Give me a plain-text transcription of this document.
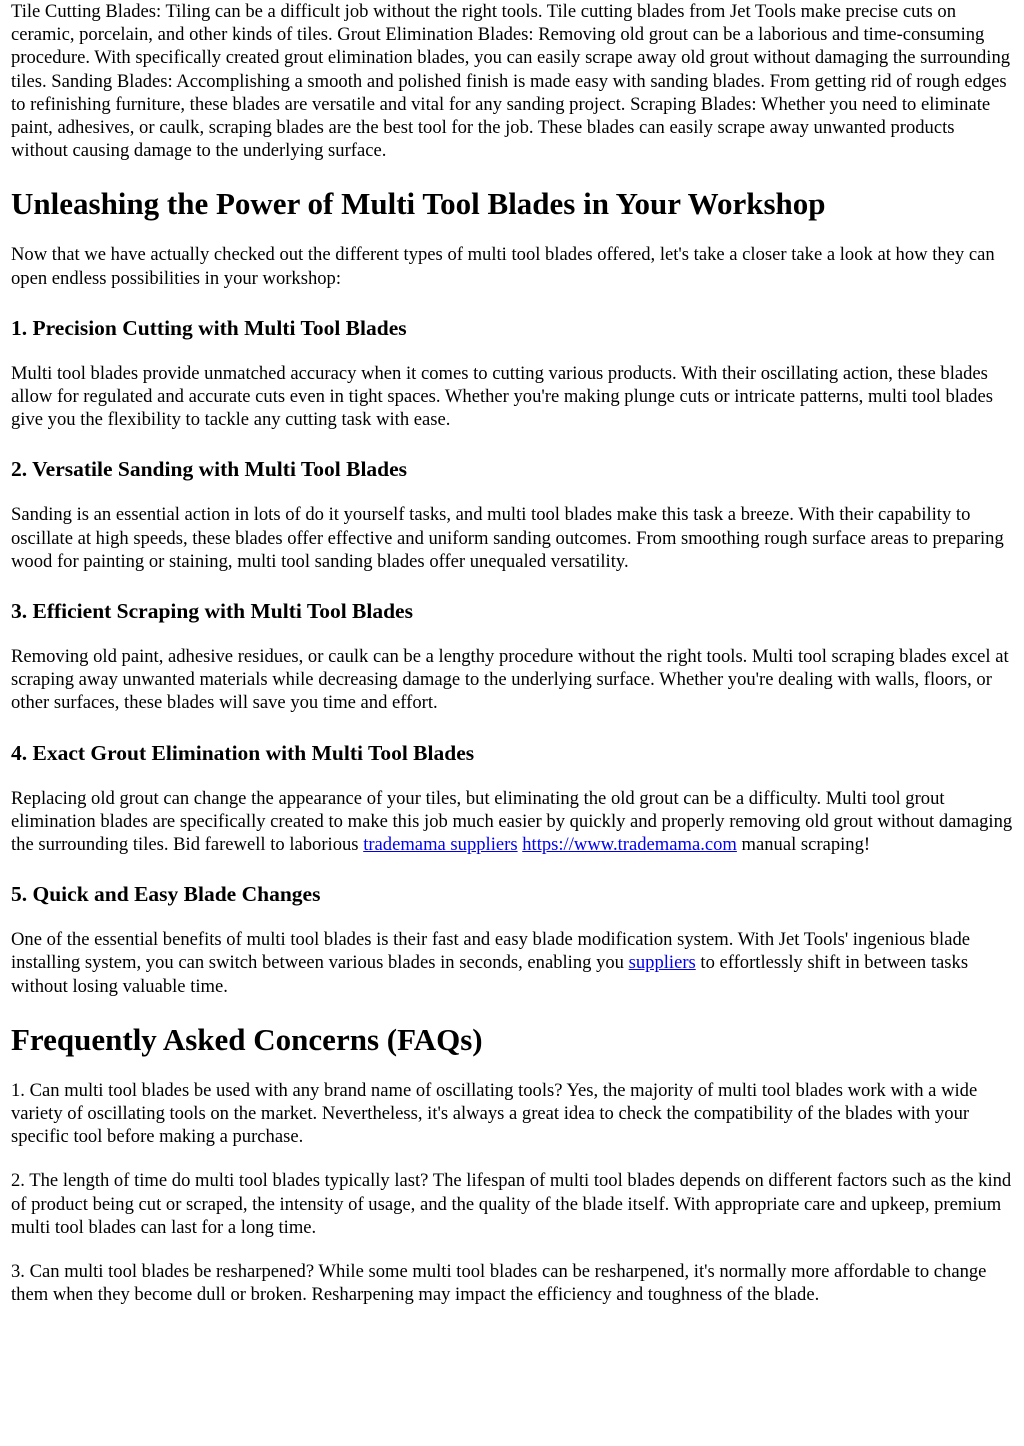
Tile Cutting Blades: Tiling can be a difficult job without the right tools. Tile cutting blades from Jet Tools make precise cuts on ceramic, porcelain, and other kinds of tiles. Grout Elimination Blades: Removing old grout can be a laborious and time-consuming procedure. With specifically created grout elimination blades, you can easily scrape away old grout without damaging the surrounding tiles. Sanding Blades: Accomplishing a smooth and polished finish is made easy with sanding blades. From getting rid of rough edges to refinishing furniture, these blades are versatile and vital for any sanding project. Scraping Blades: Whether you need to eliminate paint, adhesives, or caulk, scraping blades are the best tool for the job. These blades can easily scrape away unwanted products without causing damage to the underlying surface.

Unleashing the Power of Multi Tool Blades in Your Workshop

Now that we have actually checked out the different types of multi tool blades offered, let's take a closer take a look at how they can open endless possibilities in your workshop:

1. Precision Cutting with Multi Tool Blades

Multi tool blades provide unmatched accuracy when it comes to cutting various products. With their oscillating action, these blades allow for regulated and accurate cuts even in tight spaces. Whether you're making plunge cuts or intricate patterns, multi tool blades give you the flexibility to tackle any cutting task with ease.

2. Versatile Sanding with Multi Tool Blades

Sanding is an essential action in lots of do it yourself tasks, and multi tool blades make this task a breeze. With their capability to oscillate at high speeds, these blades offer effective and uniform sanding outcomes. From smoothing rough surface areas to preparing wood for painting or staining, multi tool sanding blades offer unequaled versatility.

3. Efficient Scraping with Multi Tool Blades

Removing old paint, adhesive residues, or caulk can be a lengthy procedure without the right tools. Multi tool scraping blades excel at scraping away unwanted materials while decreasing damage to the underlying surface. Whether you're dealing with walls, floors, or other surfaces, these blades will save you time and effort.

4. Exact Grout Elimination with Multi Tool Blades

Replacing old grout can change the appearance of your tiles, but eliminating the old grout can be a difficulty. Multi tool grout elimination blades are specifically created to make this job much easier by quickly and properly removing old grout without damaging the surrounding tiles. Bid farewell to laborious trademama suppliers https://www.trademama.com manual scraping!

5. Quick and Easy Blade Changes

One of the essential benefits of multi tool blades is their fast and easy blade modification system. With Jet Tools' ingenious blade installing system, you can switch between various blades in seconds, enabling you suppliers to effortlessly shift in between tasks without losing valuable time.

Frequently Asked Concerns (FAQs)

1. Can multi tool blades be used with any brand name of oscillating tools? Yes, the majority of multi tool blades work with a wide variety of oscillating tools on the market. Nevertheless, it's always a great idea to check the compatibility of the blades with your specific tool before making a purchase.

2. The length of time do multi tool blades typically last? The lifespan of multi tool blades depends on different factors such as the kind of product being cut or scraped, the intensity of usage, and the quality of the blade itself. With appropriate care and upkeep, premium multi tool blades can last for a long time.

3. Can multi tool blades be resharpened? While some multi tool blades can be resharpened, it's normally more affordable to change them when they become dull or broken. Resharpening may impact the efficiency and toughness of the blade.
